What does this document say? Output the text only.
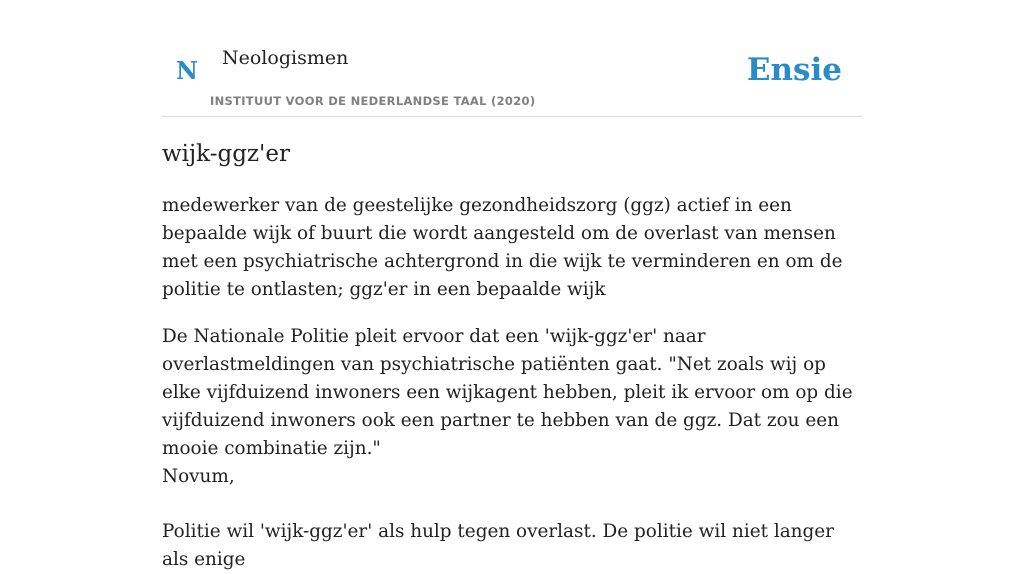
N Neologismen
INSTITUUT VOOR DE NEDERLANDSE TAAL (2020)
Ensie
wijk-ggz'er

medewerker van de geestelijke gezondheidszorg (ggz) actief in een bepaalde wijk of buurt die wordt aangesteld om de overlast van mensen met een psychiatrische achtergrond in die wijk te verminderen en om de politie te ontlasten; ggz'er in een bepaalde wijk

De Nationale Politie pleit ervoor dat een 'wijk-ggz'er' naar overlastmeldingen van psychiatrische patiënten gaat. "Net zoals wij op elke vijfduizend inwoners een wijkagent hebben, pleit ik ervoor om op die vijfduizend inwoners ook een partner te hebben van de ggz. Dat zou een mooie combinatie zijn."
Novum,

Politie wil 'wijk-ggz'er' als hulp tegen overlast. De politie wil niet langer als enige
